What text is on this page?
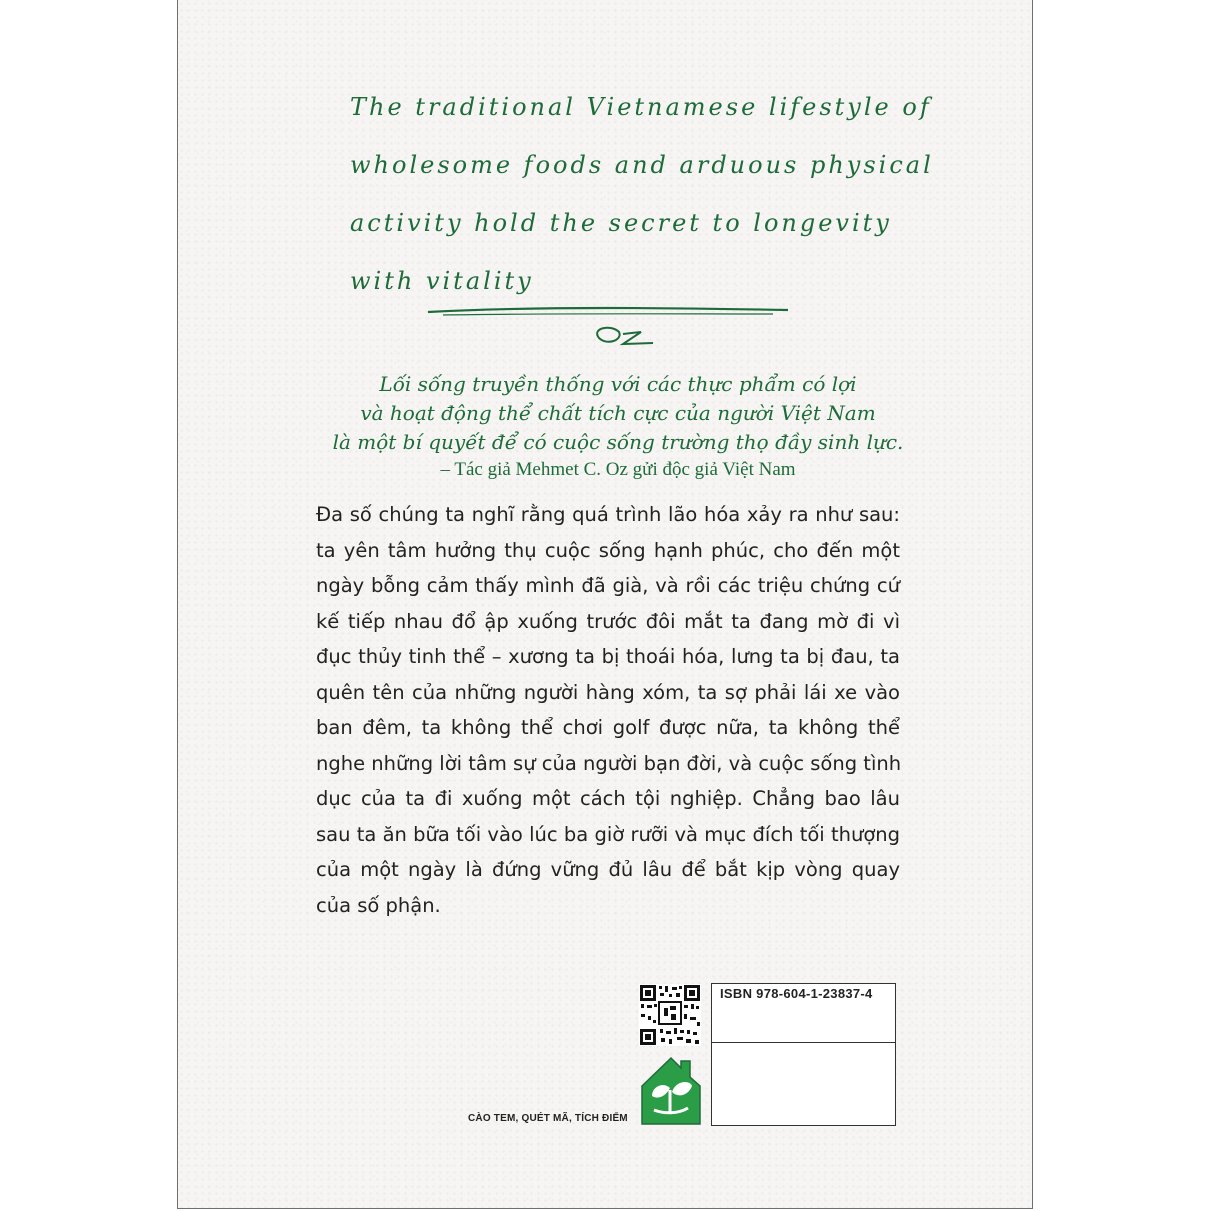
The traditional Vietnamese lifestyle of
wholesome foods and arduous physical
activity hold the secret to longevity
with vitality
Lối sống truyền thống với các thực phẩm có lợi
và hoạt động thể chất tích cực của người Việt Nam
là một bí quyết để có cuộc sống trường thọ đầy sinh lực.
– Tác giả Mehmet C. Oz gửi độc giả Việt Nam
Đa số chúng ta nghĩ rằng quá trình lão hóa xảy ra như sau:
ta yên tâm hưởng thụ cuộc sống hạnh phúc, cho đến một
ngày bỗng cảm thấy mình đã già, và rồi các triệu chứng cứ
kế tiếp nhau đổ ập xuống trước đôi mắt ta đang mờ đi vì
đục thủy tinh thể – xương ta bị thoái hóa, lưng ta bị đau, ta
quên tên của những người hàng xóm, ta sợ phải lái xe vào
ban đêm, ta không thể chơi golf được nữa, ta không thể
nghe những lời tâm sự của người bạn đời, và cuộc sống tình
dục của ta đi xuống một cách tội nghiệp. Chẳng bao lâu
sau ta ăn bữa tối vào lúc ba giờ rưỡi và mục đích tối thượng
của một ngày là đứng vững đủ lâu để bắt kịp vòng quay
của số phận.
CÀO TEM, QUÉT MÃ, TÍCH ĐIỂM
ISBN 978-604-1-23837-4
